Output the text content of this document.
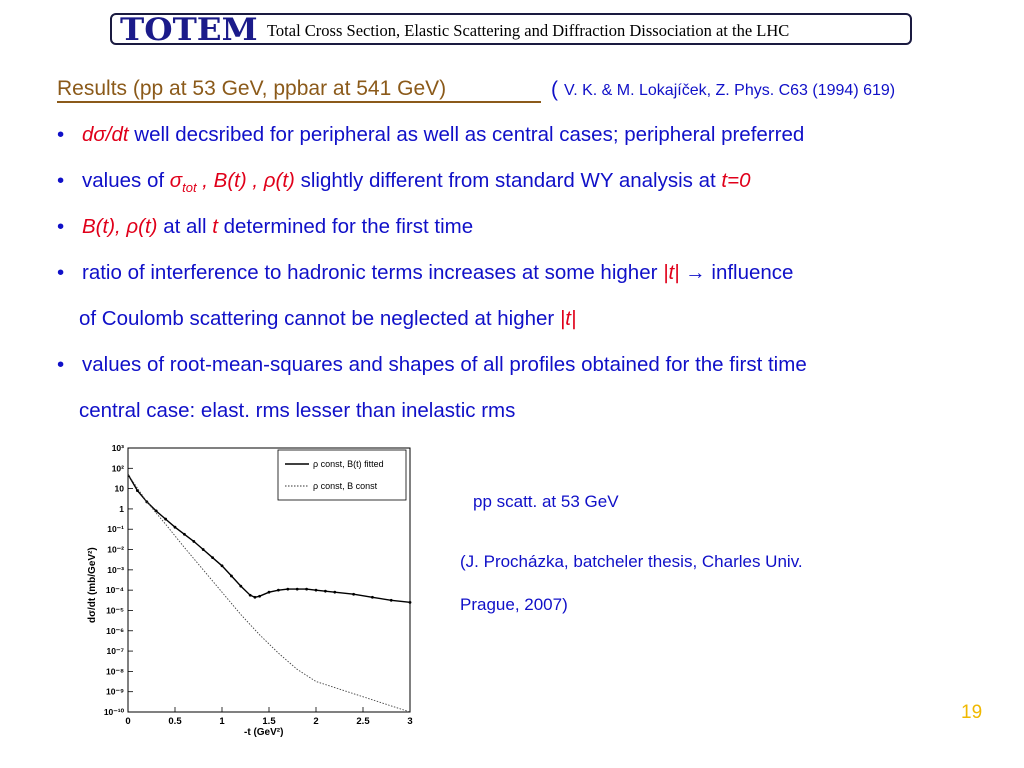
TOTEM Total Cross Section, Elastic Scattering and Diffraction Dissociation at the LHC
Results (pp at 53 GeV, ppbar at 541 GeV)	( V. K. & M. Lokajíček, Z. Phys. C63 (1994) 619)
• dσ/dt well decsribed for peripheral as well as central cases; peripheral preferred
• values of $\sigma_{tot}$ , B(t) , ρ(t) slightly different from standard WY analysis at t=0
• B(t), ρ(t) at all t determined for the first time
• ratio of interference to hadronic terms increases at some higher |t| → influence
of Coulomb scattering cannot be neglected at higher |t|
• values of root-mean-squares and shapes of all profiles obtained for the first time
central case: elast. rms lesser than inelastic rms
10³
10²
10
1
10⁻¹
10⁻²
10⁻³
10⁻⁴
10⁻⁵
10⁻⁶
10⁻⁷
10⁻⁸
10⁻⁹
10⁻¹⁰
0	0.5	1	1.5	2	2.5	3
ρ const, B(t) fitted
ρ const, B const
-t (GeV²)
dσ/dt (mb/GeV²)
pp scatt. at 53 GeV
(J. Procházka, batcheler thesis, Charles Univ.
Prague, 2007)
19
